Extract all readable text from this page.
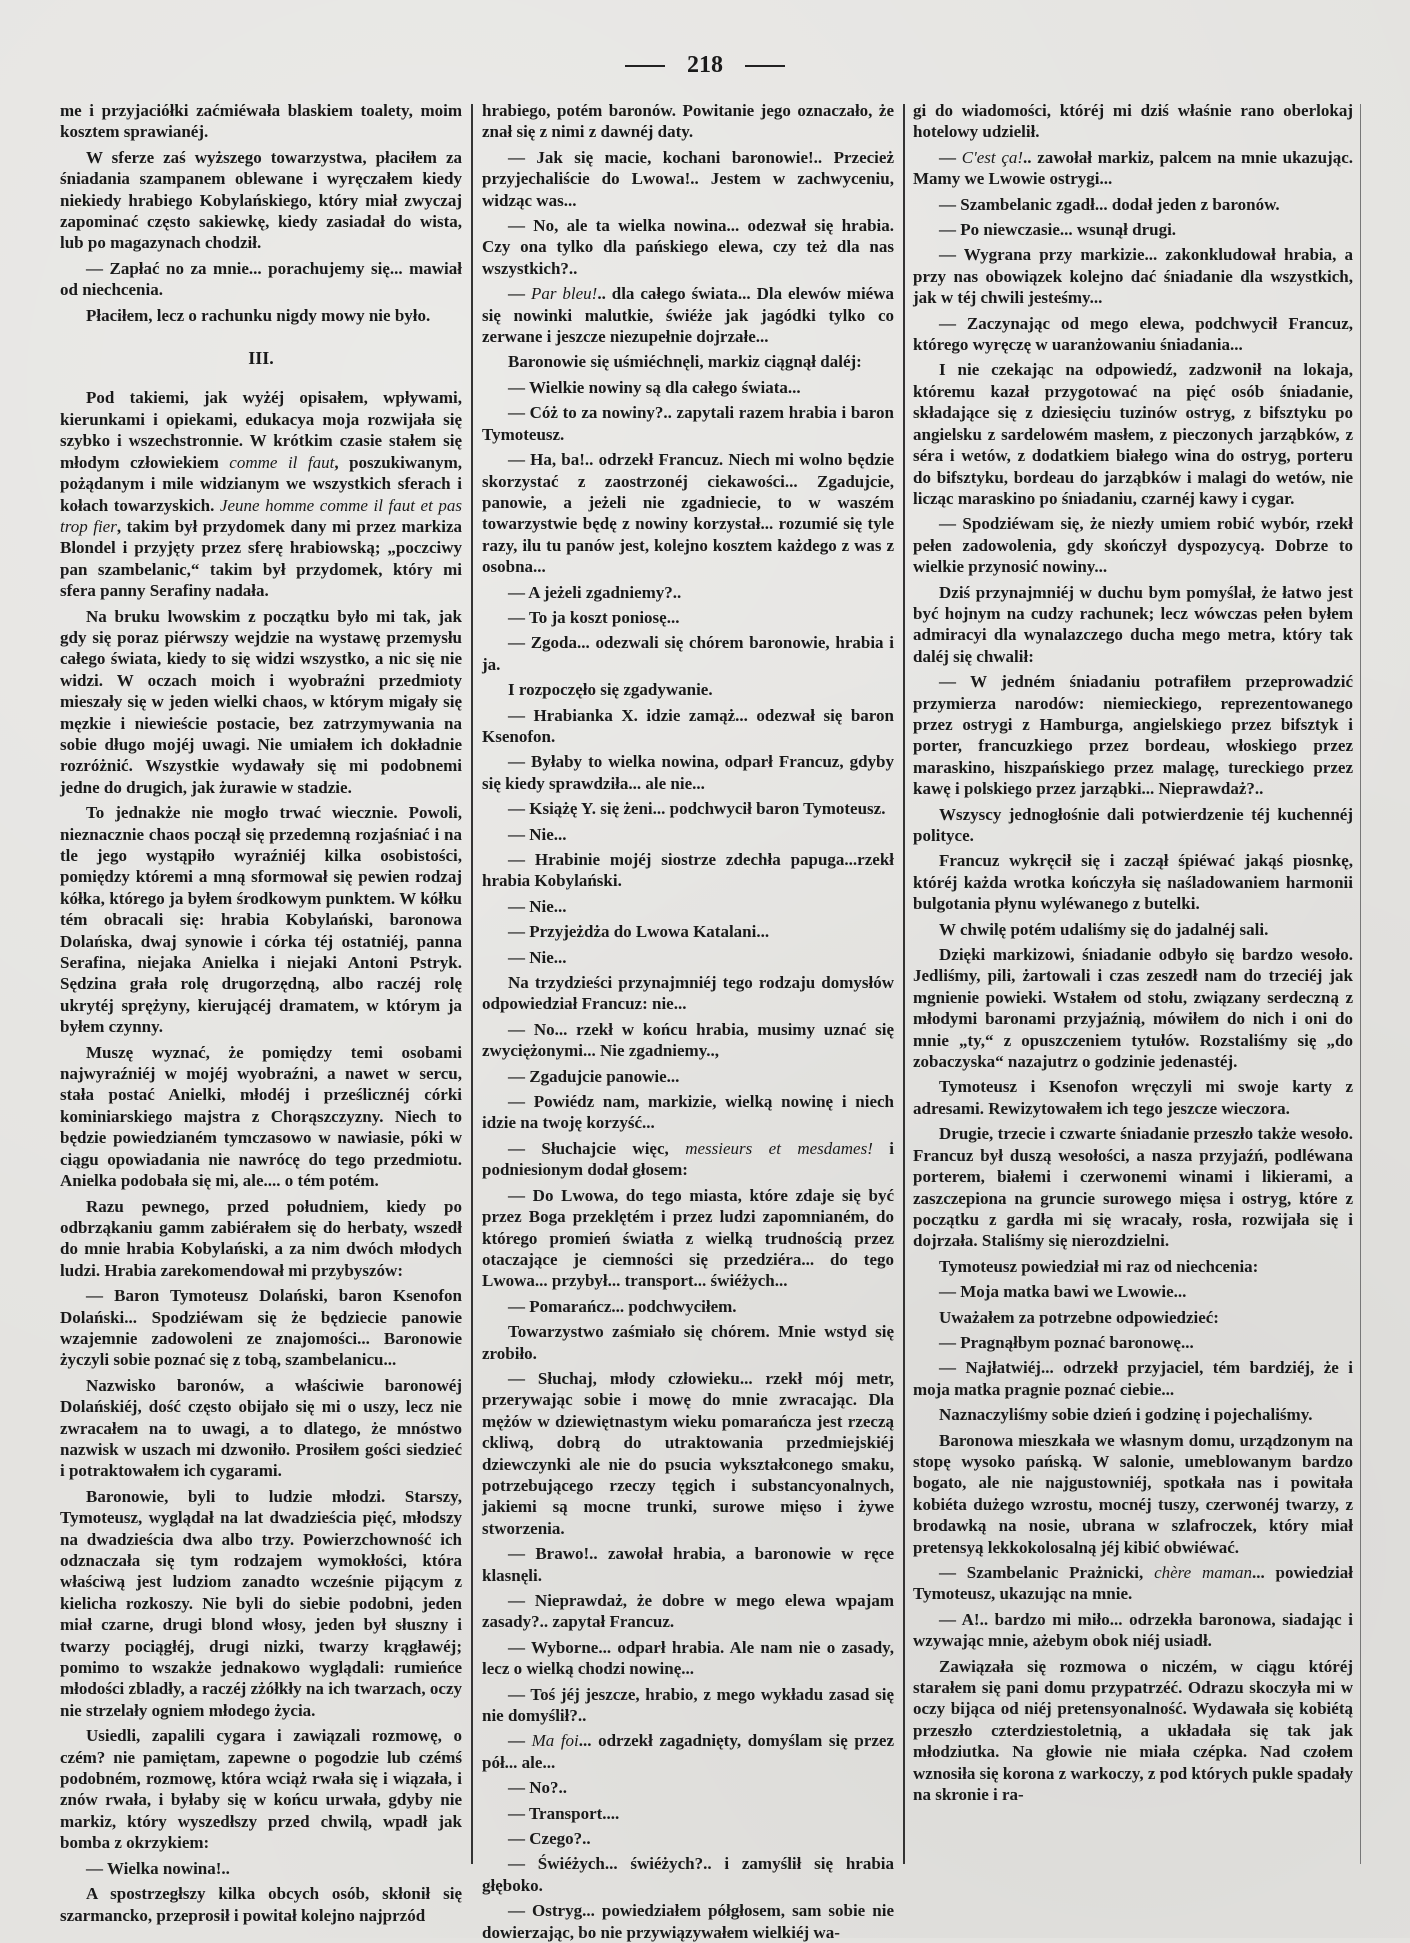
218

me i przyjaciółki zaćmiéwała blaskiem toalety, moim kosztem sprawianéj.

W sferze zaś wyższego towarzystwa, płaciłem za śniadania szampanem oblewane i wyręczałem kiedy niekiedy hrabiego Kobylańskiego, który miał zwyczaj zapominać często sakiewkę, kiedy zasiadał do wista, lub po magazynach chodził.

— Zapłać no za mnie... porachujemy się... mawiał od niechcenia.

Płaciłem, lecz o rachunku nigdy mowy nie było.

III.

Pod takiemi, jak wyżéj opisałem, wpływami, kierunkami i opiekami, edukacya moja rozwijała się szybko i wszechstronnie. W krótkim czasie stałem się młodym człowiekiem comme il faut, poszukiwanym, pożądanym i mile widzianym we wszystkich sferach i kołach towarzyskich. Jeune homme comme il faut et pas trop fier, takim był przydomek dany mi przez markiza Blondel i przyjęty przez sferę hrabiowską; „poczciwy pan szambelanic,“ takim był przydomek, który mi sfera panny Serafiny nadała.

Na bruku lwowskim z początku było mi tak, jak gdy się poraz piérwszy wejdzie na wystawę przemysłu całego świata, kiedy to się widzi wszystko, a nic się nie widzi. W oczach moich i wyobraźni przedmioty mieszały się w jeden wielki chaos, w którym migały się męzkie i niewieście postacie, bez zatrzymywania na sobie długo mojéj uwagi. Nie umiałem ich dokładnie rozróżnić. Wszystkie wydawały się mi podobnemi jedne do drugich, jak żurawie w stadzie.

To jednakże nie mogło trwać wiecznie. Powoli, nieznacznie chaos począł się przedemną rozjaśniać i na tle jego wystąpiło wyraźniéj kilka osobistości, pomiędzy któremi a mną sformował się pewien rodzaj kółka, którego ja byłem środkowym punktem. W kółku tém obracali się: hrabia Kobylański, baronowa Dolańska, dwaj synowie i córka téj ostatniéj, panna Serafina, niejaka Anielka i niejaki Antoni Pstryk. Sędzina grała rolę drugorzędną, albo raczéj rolę ukrytéj sprężyny, kierującéj dramatem, w którym ja byłem czynny.

Muszę wyznać, że pomiędzy temi osobami najwyraźniéj w mojéj wyobraźni, a nawet w sercu, stała postać Anielki, młodéj i prześlicznéj córki kominiarskiego majstra z Chorąszczyzny. Niech to będzie powiedzianém tymczasowo w nawiasie, póki w ciągu opowiadania nie nawrócę do tego przedmiotu. Anielka podobała się mi, ale.... o tém potém.

Razu pewnego, przed południem, kiedy po odbrząkaniu gamm zabiérałem się do herbaty, wszedł do mnie hrabia Kobylański, a za nim dwóch młodych ludzi. Hrabia zarekomendował mi przybyszów:

— Baron Tymoteusz Dolański, baron Ksenofon Dolański... Spodziéwam się że będziecie panowie wzajemnie zadowoleni ze znajomości... Baronowie życzyli sobie poznać się z tobą, szambelanicu...

Nazwisko baronów, a właściwie baronowéj Dolańskiéj, dość często obijało się mi o uszy, lecz nie zwracałem na to uwagi, a to dlatego, że mnóstwo nazwisk w uszach mi dzwoniło. Prosiłem gości siedzieć i potraktowałem ich cygarami.

Baronowie, byli to ludzie młodzi. Starszy, Tymoteusz, wyglądał na lat dwadzieścia pięć, młodszy na dwadzieścia dwa albo trzy. Powierzchowność ich odznaczała się tym rodzajem wymokłości, która właściwą jest ludziom zanadto wcześnie pijącym z kielicha rozkoszy. Nie byli do siebie podobni, jeden miał czarne, drugi blond włosy, jeden był słuszny i twarzy pociągłéj, drugi nizki, twarzy krągławéj; pomimo to wszakże jednakowo wyglądali: rumieńce młodości zbladły, a raczéj zżółkły na ich twarzach, oczy nie strzelały ogniem młodego życia.

Usiedli, zapalili cygara i zawiązali rozmowę, o czém? nie pamiętam, zapewne o pogodzie lub czémś podobném, rozmowę, która wciąż rwała się i wiązała, i znów rwała, i byłaby się w końcu urwała, gdyby nie markiz, który wyszedłszy przed chwilą, wpadł jak bomba z okrzykiem:

— Wielka nowina!..

A spostrzegłszy kilka obcych osób, skłonił się szarmancko, przeprosił i powitał kolejno najprzód

hrabiego, potém baronów. Powitanie jego oznaczało, że znał się z nimi z dawnéj daty.

— Jak się macie, kochani baronowie!.. Przecież przyjechaliście do Lwowa!.. Jestem w zachwyceniu, widząc was...

— No, ale ta wielka nowina... odezwał się hrabia. Czy ona tylko dla pańskiego elewa, czy też dla nas wszystkich?..

— Par bleu!.. dla całego świata... Dla elewów miéwa się nowinki malutkie, świéże jak jagódki tylko co zerwane i jeszcze niezupełnie dojrzałe...

Baronowie się uśmiéchnęli, markiz ciągnął daléj:

— Wielkie nowiny są dla całego świata...

— Cóż to za nowiny?.. zapytali razem hrabia i baron Tymoteusz.

— Ha, ba!.. odrzekł Francuz. Niech mi wolno będzie skorzystać z zaostrzonéj ciekawości... Zgadujcie, panowie, a jeżeli nie zgadniecie, to w waszém towarzystwie będę z nowiny korzystał... rozumié się tyle razy, ilu tu panów jest, kolejno kosztem każdego z was z osobna...

— A jeżeli zgadniemy?..

— To ja koszt poniosę...

— Zgoda... odezwali się chórem baronowie, hrabia i ja.

I rozpoczęło się zgadywanie.

— Hrabianka X. idzie zamąż... odezwał się baron Ksenofon.

— Byłaby to wielka nowina, odparł Francuz, gdyby się kiedy sprawdziła... ale nie...

— Książę Y. się żeni... podchwycił baron Tymoteusz.

— Nie...

— Hrabinie mojéj siostrze zdechła papuga...rzekł hrabia Kobylański.

— Nie...

— Przyjeżdża do Lwowa Katalani...

— Nie...

Na trzydzieści przynajmniéj tego rodzaju domysłów odpowiedział Francuz: nie...

— No... rzekł w końcu hrabia, musimy uznać się zwyciężonymi... Nie zgadniemy..,

— Zgadujcie panowie...

— Powiédz nam, markizie, wielką nowinę i niech idzie na twoję korzyść...

— Słuchajcie więc, messieurs et mesdames! i podniesionym dodał głosem:

— Do Lwowa, do tego miasta, które zdaje się być przez Boga przeklętém i przez ludzi zapomnianém, do którego promień światła z wielką trudnością przez otaczające je ciemności się przedziéra... do tego Lwowa... przybył... transport... świéżych...

— Pomarańcz... podchwyciłem.

Towarzystwo zaśmiało się chórem. Mnie wstyd się zrobiło.

— Słuchaj, młody człowieku... rzekł mój metr, przerywając sobie i mowę do mnie zwracając. Dla mężów w dziewiętnastym wieku pomarańcza jest rzeczą ckliwą, dobrą do utraktowania przedmiejskiéj dziewczynki ale nie do psucia wykształconego smaku, potrzebującego rzeczy tęgich i substancyonalnych, jakiemi są mocne trunki, surowe mięso i żywe stworzenia.

— Brawo!.. zawołał hrabia, a baronowie w ręce klasnęli.

— Nieprawdaż, że dobre w mego elewa wpajam zasady?.. zapytał Francuz.

— Wyborne... odparł hrabia. Ale nam nie o zasady, lecz o wielką chodzi nowinę...

— Toś jéj jeszcze, hrabio, z mego wykładu zasad się nie domyślił?..

— Ma foi... odrzekł zagadnięty, domyślam się przez pół... ale...

— No?..

— Transport....

— Czego?..

— Świéżych... świéżych?.. i zamyślił się hrabia głęboko.

— Ostryg... powiedziałem półgłosem, sam sobie nie dowierzając, bo nie przywiązywałem wielkiéj wa-

gi do wiadomości, któréj mi dziś właśnie rano oberlokaj hotelowy udzielił.

— C'est ça!.. zawołał markiz, palcem na mnie ukazując. Mamy we Lwowie ostrygi...

— Szambelanic zgadł... dodał jeden z baronów.

— Po niewczasie... wsunął drugi.

— Wygrana przy markizie... zakonkludował hrabia, a przy nas obowiązek kolejno dać śniadanie dla wszystkich, jak w téj chwili jesteśmy...

— Zaczynając od mego elewa, podchwycił Francuz, którego wyręczę w uaranżowaniu śniadania...

I nie czekając na odpowiedź, zadzwonił na lokaja, któremu kazał przygotować na pięć osób śniadanie, składające się z dziesięciu tuzinów ostryg, z bifsztyku po angielsku z sardelowém masłem, z pieczonych jarząbków, z séra i wetów, z dodatkiem białego wina do ostryg, porteru do bifsztyku, bordeau do jarząbków i malagi do wetów, nie licząc maraskino po śniadaniu, czarnéj kawy i cygar.

— Spodziéwam się, że niezły umiem robić wybór, rzekł pełen zadowolenia, gdy skończył dyspozycyą. Dobrze to wielkie przynosić nowiny...

Dziś przynajmniéj w duchu bym pomyślał, że łatwo jest być hojnym na cudzy rachunek; lecz wówczas pełen byłem admiracyi dla wynalazczego ducha mego metra, który tak daléj się chwalił:

— W jedném śniadaniu potrafiłem przeprowadzić przymierza narodów: niemieckiego, reprezentowanego przez ostrygi z Hamburga, angielskiego przez bifsztyk i porter, francuzkiego przez bordeau, włoskiego przez maraskino, hiszpańskiego przez malagę, tureckiego przez kawę i polskiego przez jarząbki... Nieprawdaż?..

Wszyscy jednogłośnie dali potwierdzenie téj kuchennéj polityce.

Francuz wykręcił się i zaczął śpiéwać jakąś piosnkę, któréj każda wrotka kończyła się naśladowaniem harmonii bulgotania płynu wyléwanego z butelki.

W chwilę potém udaliśmy się do jadalnéj sali.

Dzięki markizowi, śniadanie odbyło się bardzo wesoło. Jedliśmy, pili, żartowali i czas zeszedł nam do trzeciéj jak mgnienie powieki. Wstałem od stołu, związany serdeczną z młodymi baronami przyjaźnią, mówiłem do nich i oni do mnie „ty,“ z opuszczeniem tytułów. Rozstaliśmy się „do zobaczyska“ nazajutrz o godzinie jedenastéj.

Tymoteusz i Ksenofon wręczyli mi swoje karty z adresami. Rewizytowałem ich tego jeszcze wieczora.

Drugie, trzecie i czwarte śniadanie przeszło także wesoło. Francuz był duszą wesołości, a nasza przyjaźń, podléwana porterem, białemi i czerwonemi winami i likierami, a zaszczepiona na gruncie surowego mięsa i ostryg, które z początku z gardła mi się wracały, rosła, rozwijała się i dojrzała. Staliśmy się nierozdzielni.

Tymoteusz powiedział mi raz od niechcenia:

— Moja matka bawi we Lwowie...

Uważałem za potrzebne odpowiedzieć:

— Pragnąłbym poznać baronowę...

— Najłatwiéj... odrzekł przyjaciel, tém bardziéj, że i moja matka pragnie poznać ciebie...

Naznaczyliśmy sobie dzień i godzinę i pojechaliśmy.

Baronowa mieszkała we własnym domu, urządzonym na stopę wysoko pańską. W salonie, umeblowanym bardzo bogato, ale nie najgustowniéj, spotkała nas i powitała kobiéta dużego wzrostu, mocnéj tuszy, czerwonéj twarzy, z brodawką na nosie, ubrana w szlafroczek, który miał pretensyą lekkokolosalną jéj kibić obwiéwać.

— Szambelanic Prażnicki, chère maman... powiedział Tymoteusz, ukazując na mnie.

— A!.. bardzo mi miło... odrzekła baronowa, siadając i wzywając mnie, ażebym obok niéj usiadł.

Zawiązała się rozmowa o niczém, w ciągu któréj starałem się pani domu przypatrzéć. Odrazu skoczyła mi w oczy bijąca od niéj pretensyonalność. Wydawała się kobiétą przeszło czterdziestoletnią, a układała się tak jak młodziutka. Na głowie nie miała czépka. Nad czołem wznosiła się korona z warkoczy, z pod których pukle spadały na skronie i ra-
